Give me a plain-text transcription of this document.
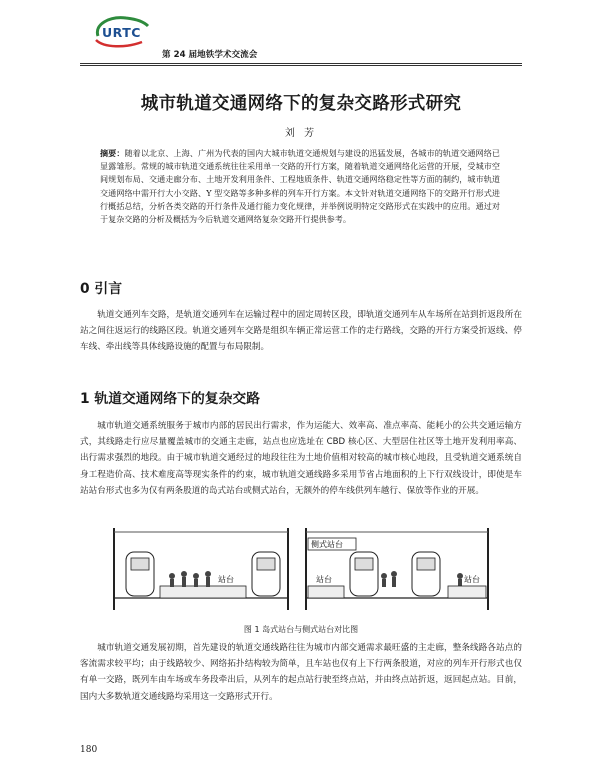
URTC
第 24 届地铁学术交流会
城市轨道交通网络下的复杂交路形式研究
刘 芳

摘要：随着以北京、上海、广州为代表的国内大城市轨道交通规划与建设的迅猛发展，各城市的轨道交通网络已显露雏形。常规的城市轨道交通系统往往采用单一交路的开行方案，随着轨道交通网络化运营的开展，受城市空间规划布局、交通走廊分布、土地开发利用条件、工程地质条件、轨道交通网络稳定性等方面的制约，城市轨道交通网络中需开行大小交路、Y 型交路等多种多样的列车开行方案。本文针对轨道交通网络下的交路开行形式进行概括总结，分析各类交路的开行条件及通行能力变化规律，并举例说明特定交路形式在实践中的应用。通过对于复杂交路的分析及概括为今后轨道交通网络复杂交路开行提供参考。

0 引言

轨道交通列车交路，是轨道交通列车在运输过程中的固定周转区段，即轨道交通列车从车场所在站到折返段所在站之间往返运行的线路区段。轨道交通列车交路是组织车辆正常运营工作的走行路线，交路的开行方案受折返线、停车线、牵出线等具体线路设施的配置与布局限制。

1 轨道交通网络下的复杂交路

城市轨道交通系统服务于城市内部的居民出行需求，作为运能大、效率高、准点率高、能耗小的公共交通运输方式，其线路走行应尽量覆盖城市的交通主走廊，站点也应选址在 CBD 核心区、大型居住社区等土地开发利用率高、出行需求强烈的地段。由于城市轨道交通经过的地段往往为土地价值相对较高的城市核心地段，且受轨道交通系统自身工程造价高、技术难度高等现实条件的约束，城市轨道交通线路多采用节省占地面积的上下行双线设计，即使是车站站台形式也多为仅有两条股道的岛式站台或侧式站台，无额外的停车线供列车越行、保放等作业的开展。

站台
侧式站台
站台	站台
图 1 岛式站台与侧式站台对比图

城市轨道交通发展初期，首先建设的轨道交通线路往往为城市内部交通需求最旺盛的主走廊，整条线路各站点的客流需求较平均；由于线路较少、网络拓扑结构较为简单，且车站也仅有上下行两条股道，对应的列车开行形式也仅有单一交路，既列车由车场或车务段牵出后，从列车的起点站行驶至终点站，并由终点站折返，返回起点站。目前，国内大多数轨道交通线路均采用这一交路形式开行。

180
